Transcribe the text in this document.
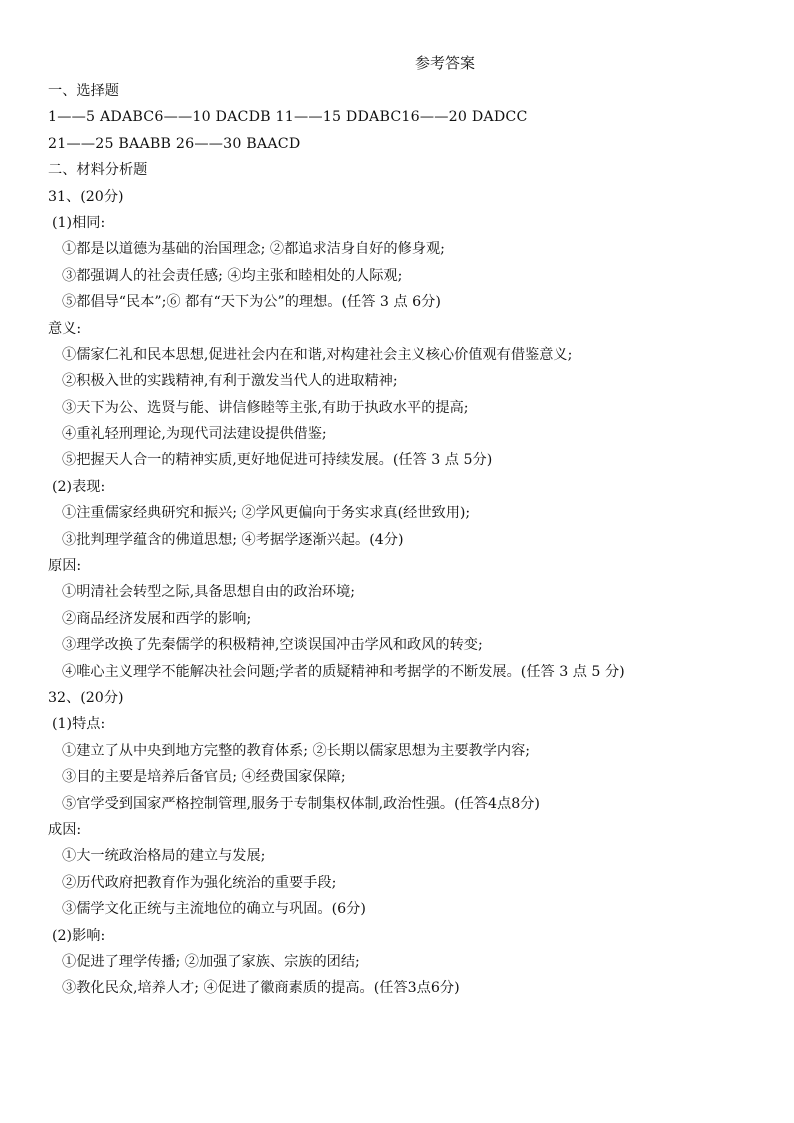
参考答案
一、选择题
1——5 ADABC6——10 DACDB 11——15 DDABC16——20 DADCC
21——25 BAABB 26——30 BAACD
二、材料分析题
31、(20分)
(1)相同:
①都是以道德为基础的治国理念; ②都追求洁身自好的修身观;
③都强调人的社会责任感; ④均主张和睦相处的人际观;
⑤都倡导“民本”;⑥ 都有“天下为公”的理想。(任答 3 点 6分)
意义:
①儒家仁礼和民本思想,促进社会内在和谐,对构建社会主义核心价值观有借鉴意义;
②积极入世的实践精神,有利于激发当代人的进取精神;
③天下为公、选贤与能、讲信修睦等主张,有助于执政水平的提高;
④重礼轻刑理论,为现代司法建设提供借鉴;
⑤把握天人合一的精神实质,更好地促进可持续发展。(任答 3 点 5分)
(2)表现:
①注重儒家经典研究和振兴; ②学风更偏向于务实求真(经世致用);
③批判理学蕴含的佛道思想; ④考据学逐渐兴起。(4分)
原因:
①明清社会转型之际,具备思想自由的政治环境;
②商品经济发展和西学的影响;
③理学改换了先秦儒学的积极精神,空谈误国冲击学风和政风的转变;
④唯心主义理学不能解决社会问题;学者的质疑精神和考据学的不断发展。(任答 3 点 5 分)
32、(20分)
(1)特点:
①建立了从中央到地方完整的教育体系; ②长期以儒家思想为主要教学内容;
③目的主要是培养后备官员; ④经费国家保障;
⑤官学受到国家严格控制管理,服务于专制集权体制,政治性强。(任答4点8分)
成因:
①大一统政治格局的建立与发展;
②历代政府把教育作为强化统治的重要手段;
③儒学文化正统与主流地位的确立与巩固。(6分)
(2)影响:
①促进了理学传播; ②加强了家族、宗族的团结;
③教化民众,培养人才; ④促进了徽商素质的提高。(任答3点6分)
